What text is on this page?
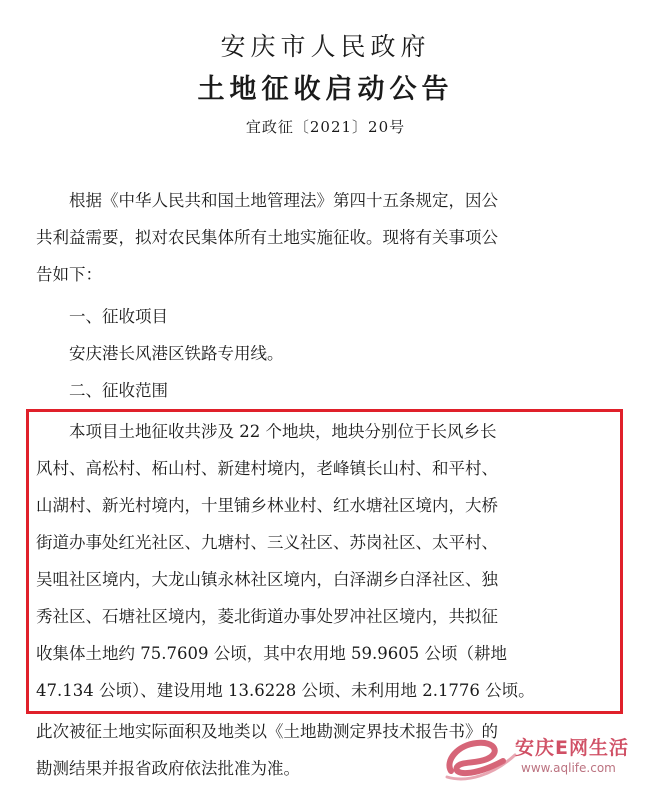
安庆市人民政府
土地征收启动公告
宜政征〔2021〕20号
　　根据《中华人民共和国土地管理法》第四十五条规定，因公
共利益需要，拟对农民集体所有土地实施征收。现将有关事项公
告如下：
　　一、征收项目
　　安庆港长风港区铁路专用线。
　　二、征收范围
　　本项目土地征收共涉及 22 个地块，地块分别位于长风乡长
风村、高松村、柘山村、新建村境内，老峰镇长山村、和平村、
山湖村、新光村境内，十里铺乡林业村、红水塘社区境内，大桥
街道办事处红光社区、九塘村、三义社区、苏岗社区、太平村、
吴咀社区境内，大龙山镇永林社区境内，白泽湖乡白泽社区、独
秀社区、石塘社区境内，菱北街道办事处罗冲社区境内，共拟征
收集体土地约 75.7609 公顷，其中农用地 59.9605 公顷（耕地
47.134 公顷）、建设用地 13.6228 公顷、未利用地 2.1776 公顷。
此次被征土地实际面积及地类以《土地勘测定界技术报告书》的
勘测结果并报省政府依法批准为准。
安庆E网生活
www.aqlife.com
